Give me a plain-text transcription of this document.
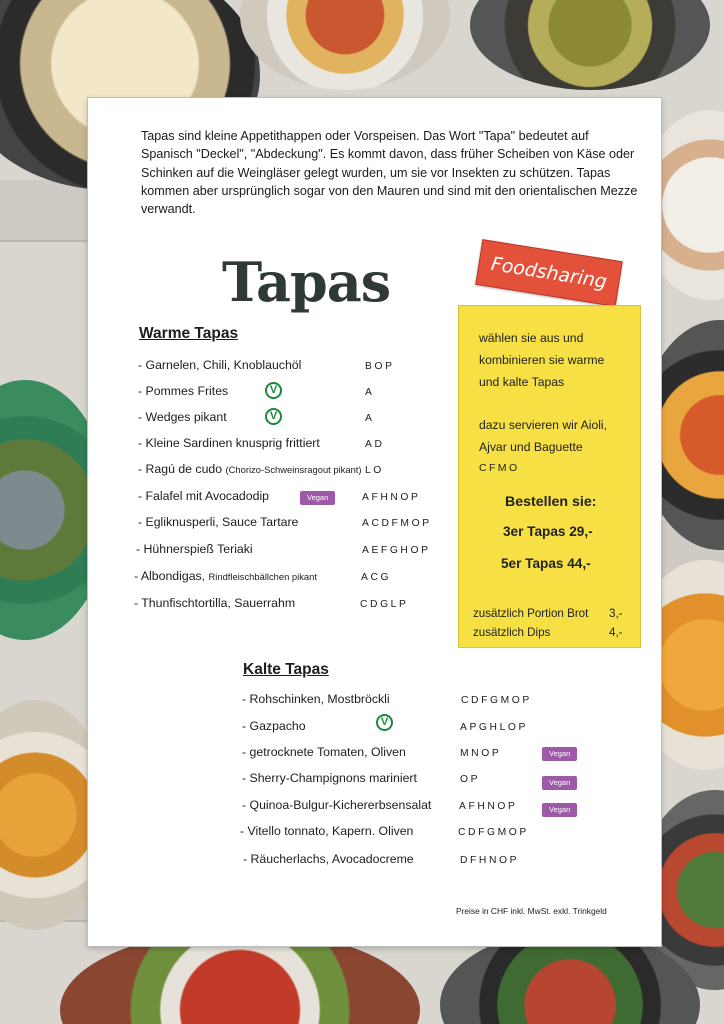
Tapas sind kleine Appetithappen oder Vorspeisen. Das Wort "Tapa" bedeutet auf Spanisch "Deckel", "Abdeckung". Es kommt davon, dass früher Scheiben von Käse oder Schinken auf die Weingläser gelegt wurden, um sie vor Insekten zu schützen. Tapas kommen aber ursprünglich sogar von den Mauren und sind mit den orientalischen Mezze verwandt.

Tapas	Foodsharing
Warme Tapas
- Garnelen, Chili, Knoblauchöl	BOP
- Pommes Frites	V	A
- Wedges pikant	V	A
- Kleine Sardinen knusprig frittiert	AD
- Ragú de cudo (Chorizo-Schweinsragout pikant) LO
- Falafel mit Avocadodip	Vegan	AFHNOP
- Egliknusperli, Sauce Tartare	ACDFMOP
- Hühnerspieß Teriaki	AEFGHOP
- Albondigas, Rindfleischbällchen pikant	ACG
- Thunfischtortilla, Sauerrahm	CDGLP
wählen sie aus und
kombinieren sie warme
und kalte Tapas
dazu servieren wir Aioli,
Ajvar und Baguette
CFMO
Bestellen sie:
3er Tapas 29,-
5er Tapas 44,-
zusätzlich Portion Brot 3,-
zusätzlich Dips	4,-
Kalte Tapas
- Rohschinken, Mostbröckli	CDFGMOP
- Gazpacho	V	APGHLOP
- getrocknete Tomaten, Oliven	MNOP	Vegan
- Sherry-Champignons mariniert	OP	Vegan
- Quinoa-Bulgur-Kichererbsensalat	AFHNOP	Vegan
- Vitello tonnato, Kapern. Oliven	CDFGMOP
- Räucherlachs, Avocadocreme	DFHNOP
Preise in CHF inkl. MwSt. exkl. Trinkgeld
